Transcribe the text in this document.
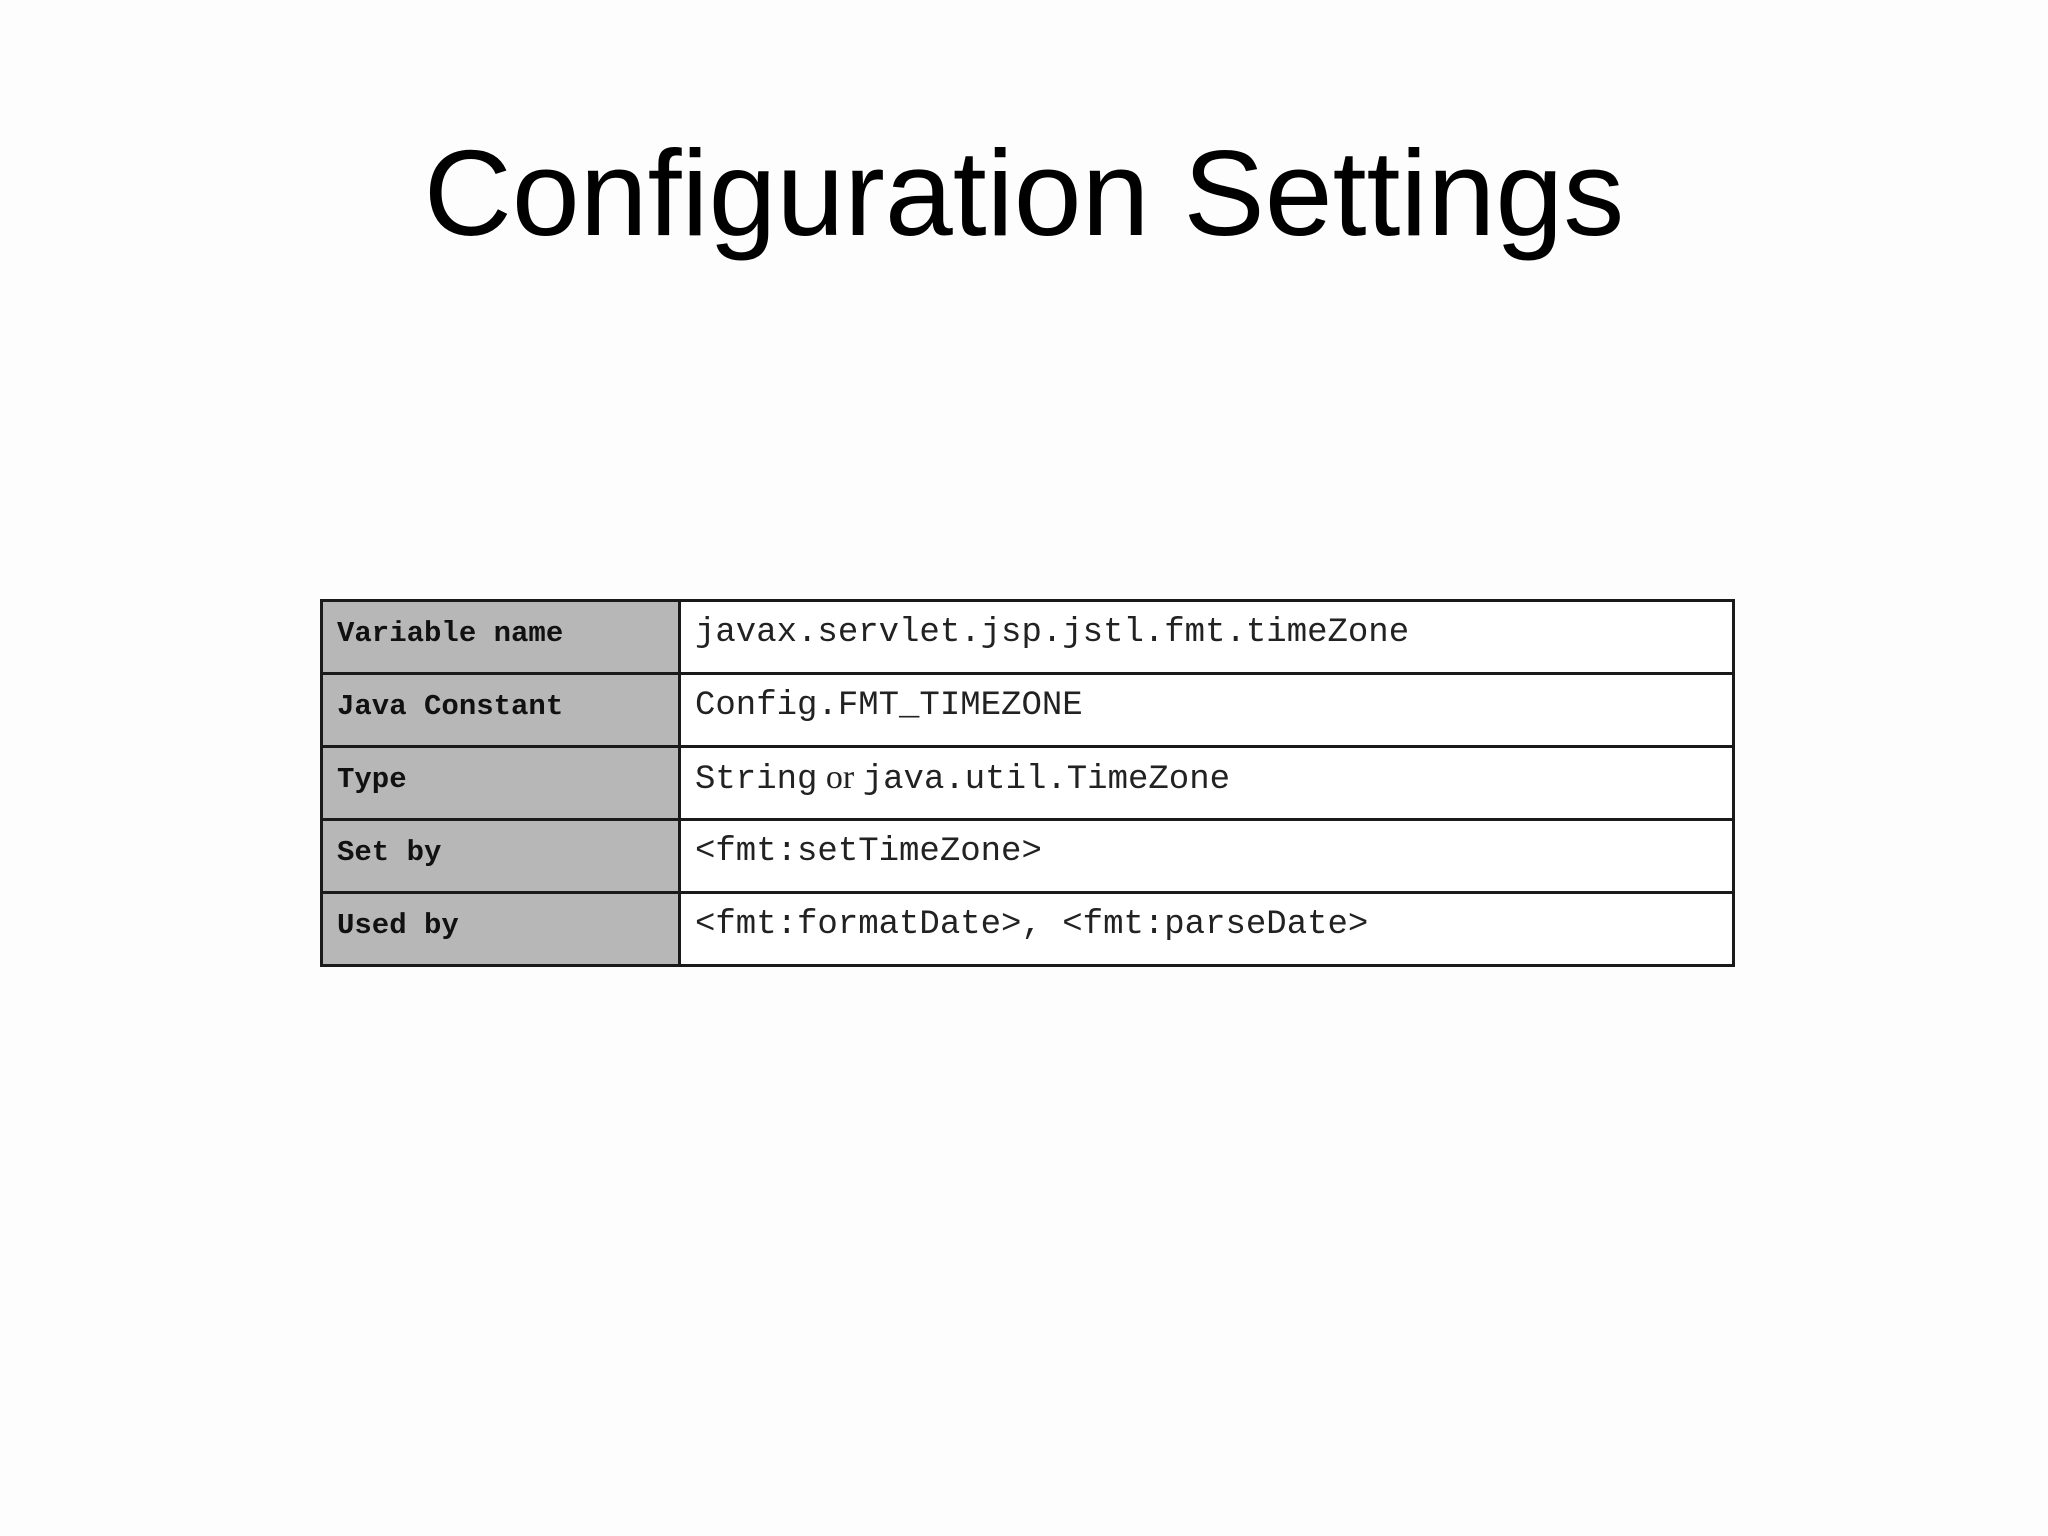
Configuration Settings
Variable name	javax.servlet.jsp.jstl.fmt.timeZone
Java Constant	Config.FMT_TIMEZONE
Type	String or java.util.TimeZone
Set by	<fmt:setTimeZone>
Used by	<fmt:formatDate>, <fmt:parseDate>
